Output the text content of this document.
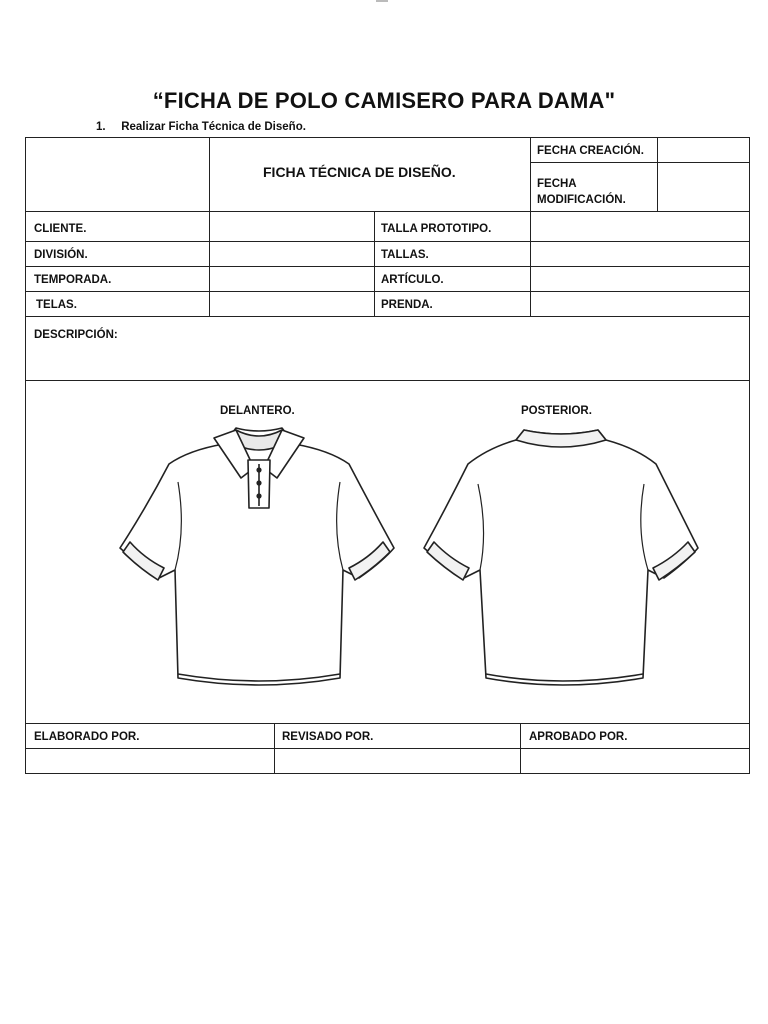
“FICHA DE POLO CAMISERO PARA DAMA"
1. Realizar Ficha Técnica de Diseño.
FICHA TÉCNICA DE DISEÑO.
FECHA CREACIÓN.
FECHA
MODIFICACIÓN.
CLIENTE.	TALLA PROTOTIPO.
DIVISIÓN.	TALLAS.
TEMPORADA.	ARTÍCULO.
TELAS.	PRENDA.
DESCRIPCIÓN:
DELANTERO.	POSTERIOR.
ELABORADO POR.	REVISADO POR.	APROBADO POR.
